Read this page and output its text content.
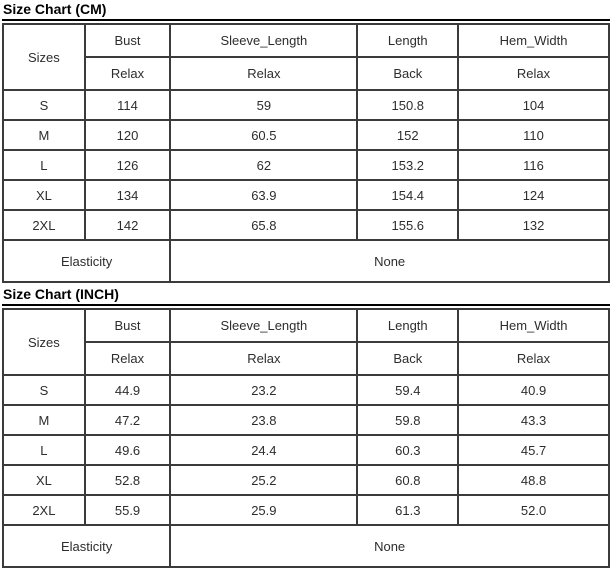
Size Chart (CM)
Sizes	Bust	Sleeve_Length	Length	Hem_Width
	Relax	Relax	Back	Relax
S	114	59	150.8	104
M	120	60.5	152	110
L	126	62	153.2	116
XL	134	63.9	154.4	124
2XL	142	65.8	155.6	132
Elasticity		None		
Size Chart (INCH)
Sizes	Bust	Sleeve_Length	Length	Hem_Width
	Relax	Relax	Back	Relax
S	44.9	23.2	59.4	40.9
M	47.2	23.8	59.8	43.3
L	49.6	24.4	60.3	45.7
XL	52.8	25.2	60.8	48.8
2XL	55.9	25.9	61.3	52.0
Elasticity		None		
